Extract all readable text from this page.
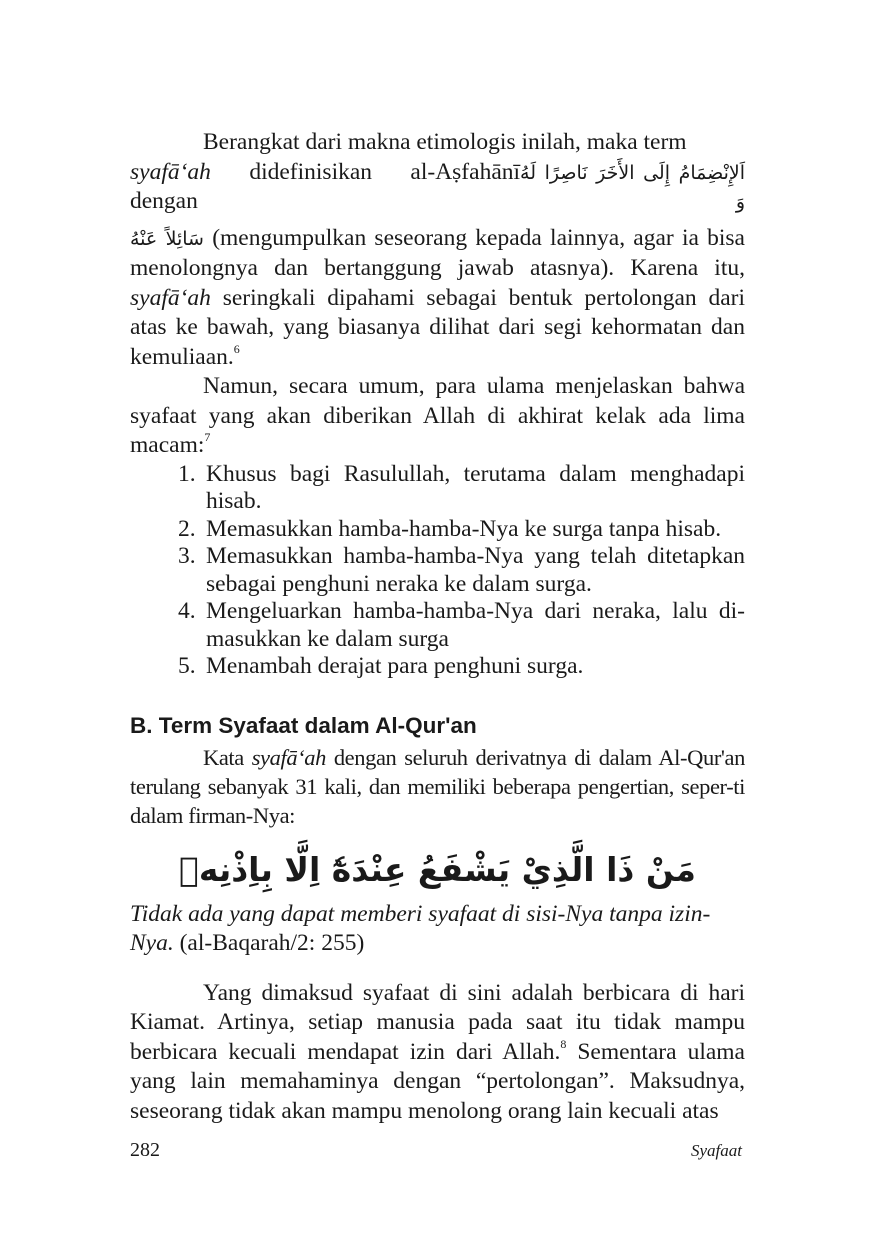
Berangkat dari makna etimologis inilah, maka term

syafā‘ah didefinisikan al-Aṣfahānī dengan
اَلإِنْضِمَامُ إِلَى الأَخَرَ نَاصِرًا لَهُ وَ

سَائِلاً عَنْهُ (mengumpulkan seseorang kepada lainnya, agar ia bisa menolongnya dan bertanggung jawab atasnya). Karena itu, syafā‘ah seringkali dipahami sebagai bentuk pertolongan dari atas ke bawah, yang biasanya dilihat dari segi kehormatan dan kemuliaan.$^6$

Namun, secara umum, para ulama menjelaskan bahwa syafaat yang akan diberikan Allah di akhirat kelak ada lima macam:$^7$

1. Khusus bagi Rasulullah, terutama dalam menghadapi hisab.
2. Memasukkan hamba-hamba-Nya ke surga tanpa hisab.
3. Memasukkan hamba-hamba-Nya yang telah ditetapkan sebagai penghuni neraka ke dalam surga.
4. Mengeluarkan hamba-hamba-Nya dari neraka, lalu di-masukkan ke dalam surga
5. Menambah derajat para penghuni surga.
B. Term Syafaat dalam Al-Qur'an

Kata syafā‘ah dengan seluruh derivatnya di dalam Al-Qur'an terulang sebanyak 31 kali, dan memiliki beberapa pengertian, seper-ti dalam firman-Nya:

مَنْ ذَا الَّذِيْ يَشْفَعُ عِنْدَهٗٓ اِلَّا بِاِذْنِهٖ

Tidak ada yang dapat memberi syafaat di sisi-Nya tanpa izin-Nya. (al-Baqarah/2: 255)

Yang dimaksud syafaat di sini adalah berbicara di hari Kiamat. Artinya, setiap manusia pada saat itu tidak mampu berbicara kecuali mendapat izin dari Allah.$^8$ Sementara ulama yang lain memahaminya dengan “pertolongan”. Maksudnya, seseorang tidak akan mampu menolong orang lain kecuali atas

282	Syafaat
